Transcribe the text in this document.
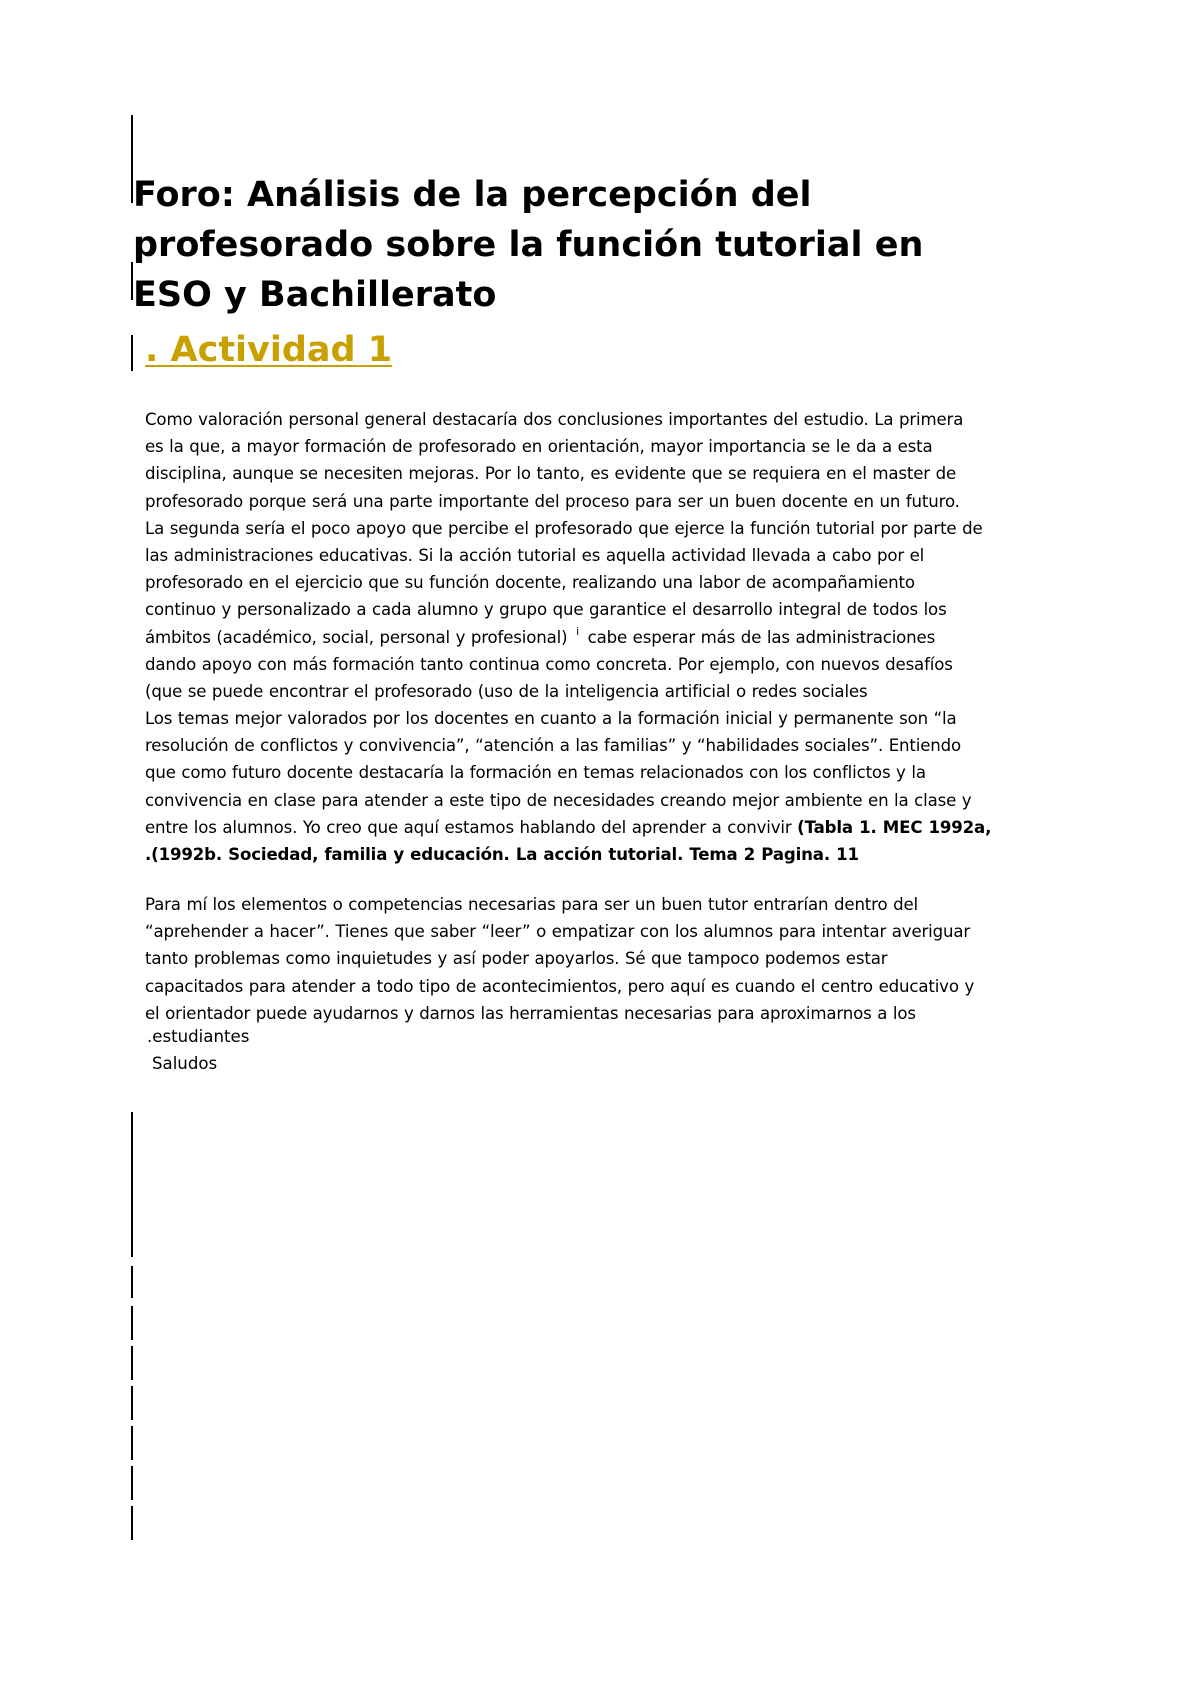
Foro: Análisis de la percepción del
profesorado sobre la función tutorial en
ESO y Bachillerato
. Actividad 1
Como valoración personal general destacaría dos conclusiones importantes del estudio. La primera
es la que, a mayor formación de profesorado en orientación, mayor importancia se le da a esta
disciplina, aunque se necesiten mejoras. Por lo tanto, es evidente que se requiera en el master de
profesorado porque será una parte importante del proceso para ser un buen docente en un futuro.
La segunda sería el poco apoyo que percibe el profesorado que ejerce la función tutorial por parte de
las administraciones educativas. Si la acción tutorial es aquella actividad llevada a cabo por el
profesorado en el ejercicio que su función docente, realizando una labor de acompañamiento
continuo y personalizado a cada alumno y grupo que garantice el desarrollo integral de todos los
ámbitos (académico, social, personal y profesional) $^i$ cabe esperar más de las administraciones
dando apoyo con más formación tanto continua como concreta. Por ejemplo, con nuevos desafíos
(que se puede encontrar el profesorado (uso de la inteligencia artificial o redes sociales
Los temas mejor valorados por los docentes en cuanto a la formación inicial y permanente son “la
resolución de conflictos y convivencia”, “atención a las familias” y “habilidades sociales”. Entiendo
que como futuro docente destacaría la formación en temas relacionados con los conflictos y la
convivencia en clase para atender a este tipo de necesidades creando mejor ambiente en la clase y
entre los alumnos. Yo creo que aquí estamos hablando del aprender a convivir (Tabla 1. MEC 1992a,
.(1992b. Sociedad, familia y educación. La acción tutorial. Tema 2 Pagina. 11
Para mí los elementos o competencias necesarias para ser un buen tutor entrarían dentro del
“aprehender a hacer”. Tienes que saber “leer” o empatizar con los alumnos para intentar averiguar
tanto problemas como inquietudes y así poder apoyarlos. Sé que tampoco podemos estar
capacitados para atender a todo tipo de acontecimientos, pero aquí es cuando el centro educativo y
el orientador puede ayudarnos y darnos las herramientas necesarias para aproximarnos a los
.estudiantes
Saludos
